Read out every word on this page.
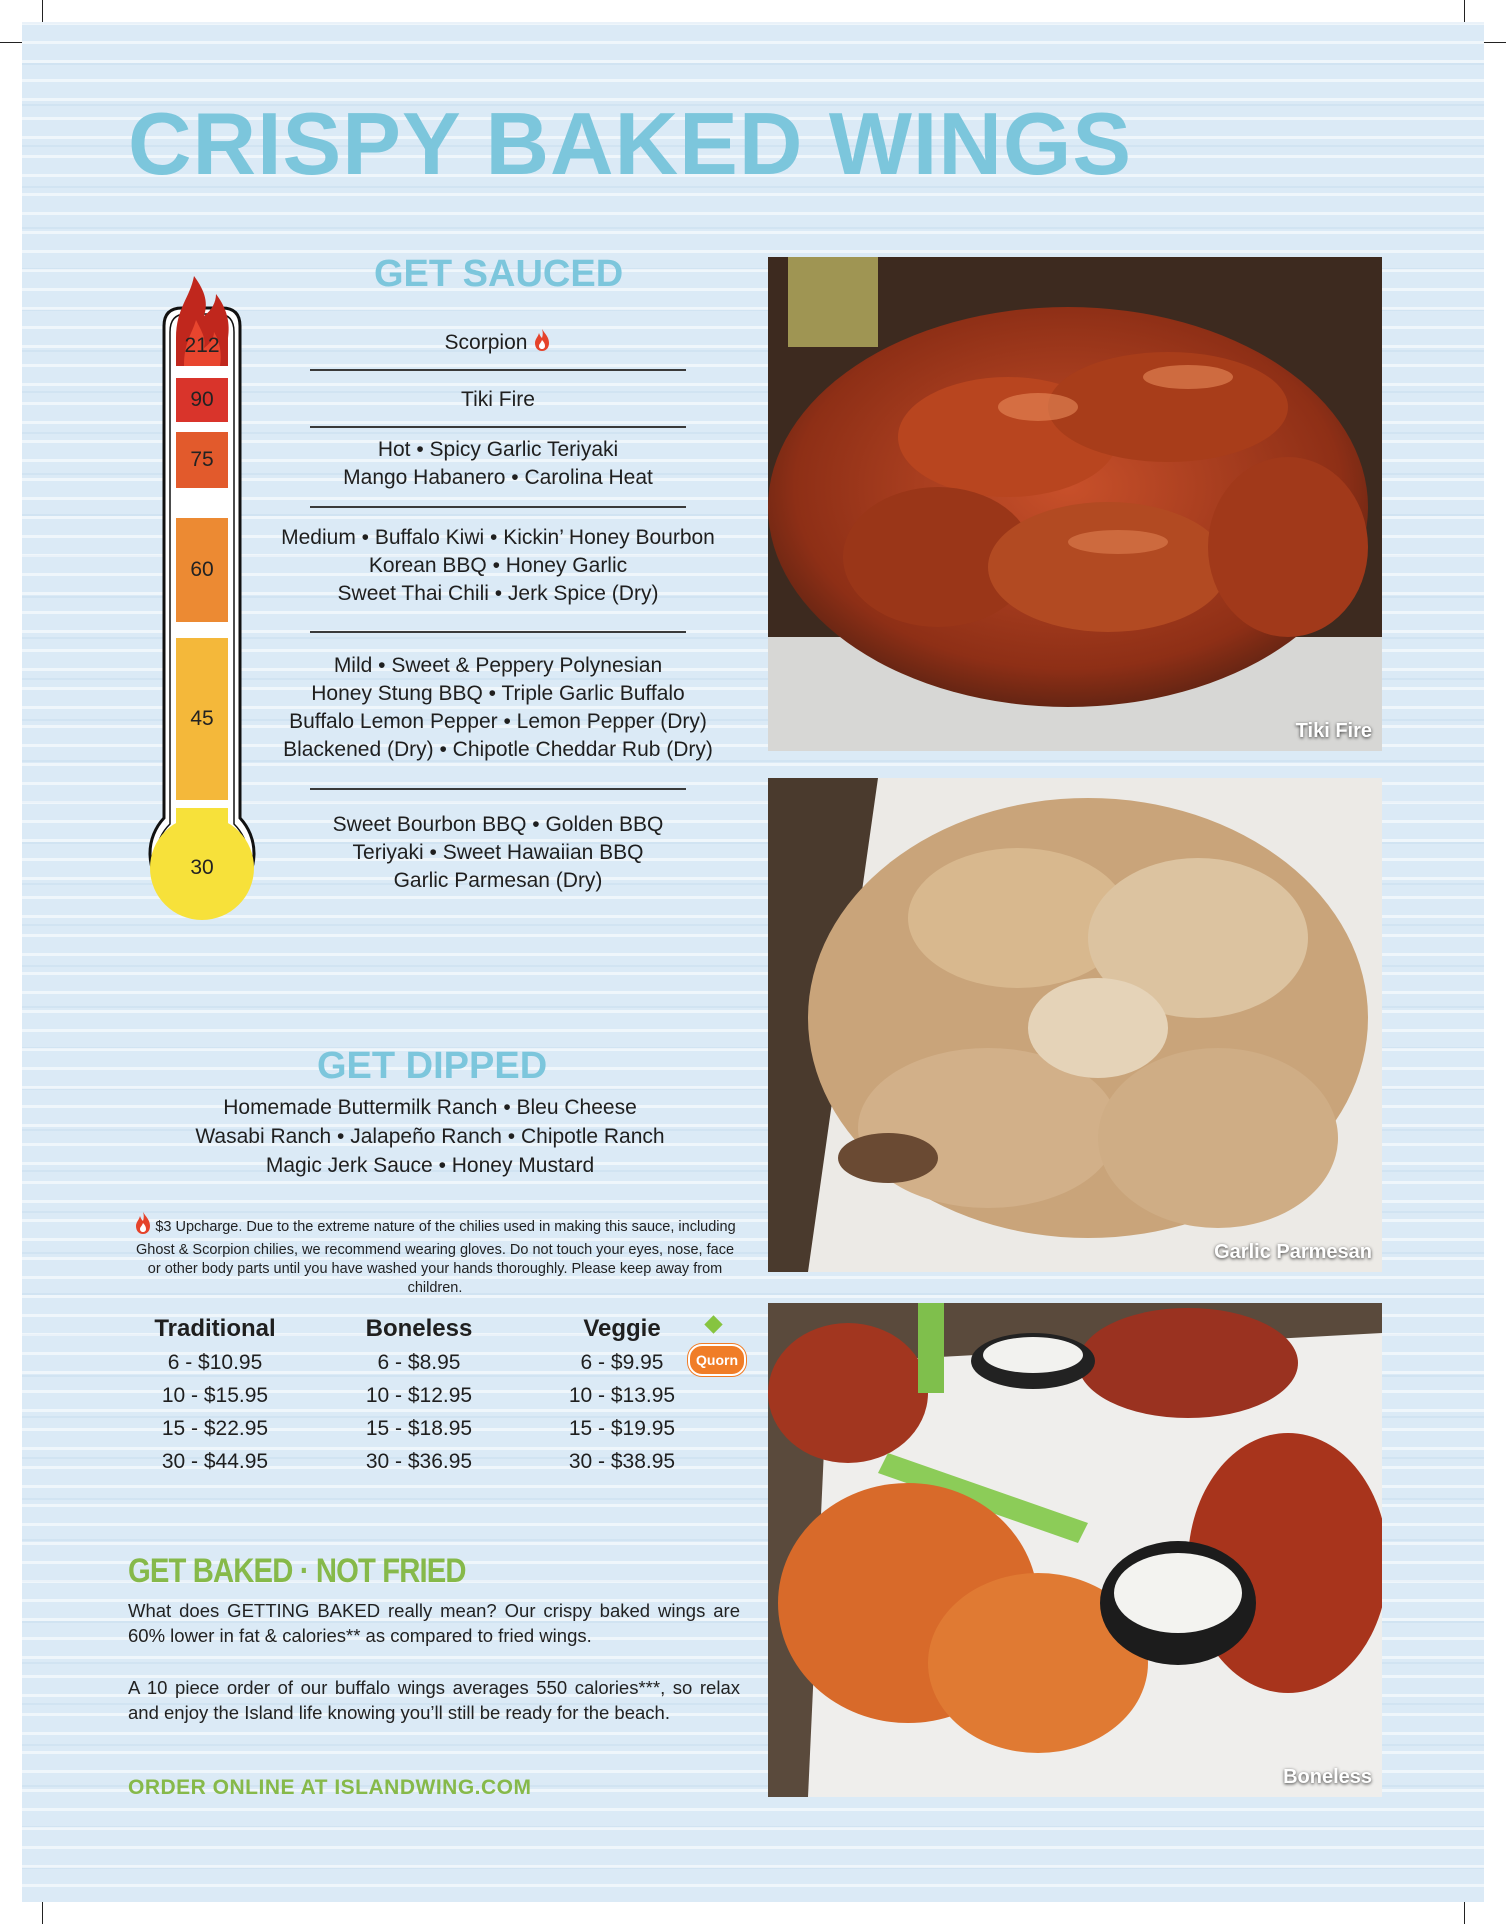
CRISPY BAKED WINGS
GET SAUCED
212
90
75
60
45
30
Scorpion
Tiki Fire
Hot • Spicy Garlic Teriyaki
Mango Habanero • Carolina Heat
Medium • Buffalo Kiwi • Kickin’ Honey Bourbon
Korean BBQ • Honey Garlic
Sweet Thai Chili • Jerk Spice (Dry)
Mild • Sweet & Peppery Polynesian
Honey Stung BBQ • Triple Garlic Buffalo
Buffalo Lemon Pepper • Lemon Pepper (Dry)
Blackened (Dry) • Chipotle Cheddar Rub (Dry)
Sweet Bourbon BBQ • Golden BBQ
Teriyaki • Sweet Hawaiian BBQ
Garlic Parmesan (Dry)
GET DIPPED
Homemade Buttermilk Ranch • Bleu Cheese
Wasabi Ranch • Jalapeño Ranch • Chipotle Ranch
Magic Jerk Sauce • Honey Mustard
$3 Upcharge. Due to the extreme nature of the chilies used in making this sauce, including Ghost & Scorpion chilies, we recommend wearing gloves. Do not touch your eyes, nose, face or other body parts until you have washed your hands thoroughly. Please keep away from children.
Traditional
6 - $10.95
10 - $15.95
15 - $22.95
30 - $44.95
Boneless
6 - $8.95
10 - $12.95
15 - $18.95
30 - $36.95
Veggie
6 - $9.95
10 - $13.95
15 - $19.95
30 - $38.95
Quorn
GET BAKED · NOT FRIED

What does GETTING BAKED really mean? Our crispy baked wings are 60% lower in fat & calories** as compared to fried wings.

A 10 piece order of our buffalo wings averages 550 calories***, so relax and enjoy the Island life knowing you’ll still be ready for the beach.

ORDER ONLINE AT ISLANDWING.COM
Tiki Fire
Garlic Parmesan
Boneless
